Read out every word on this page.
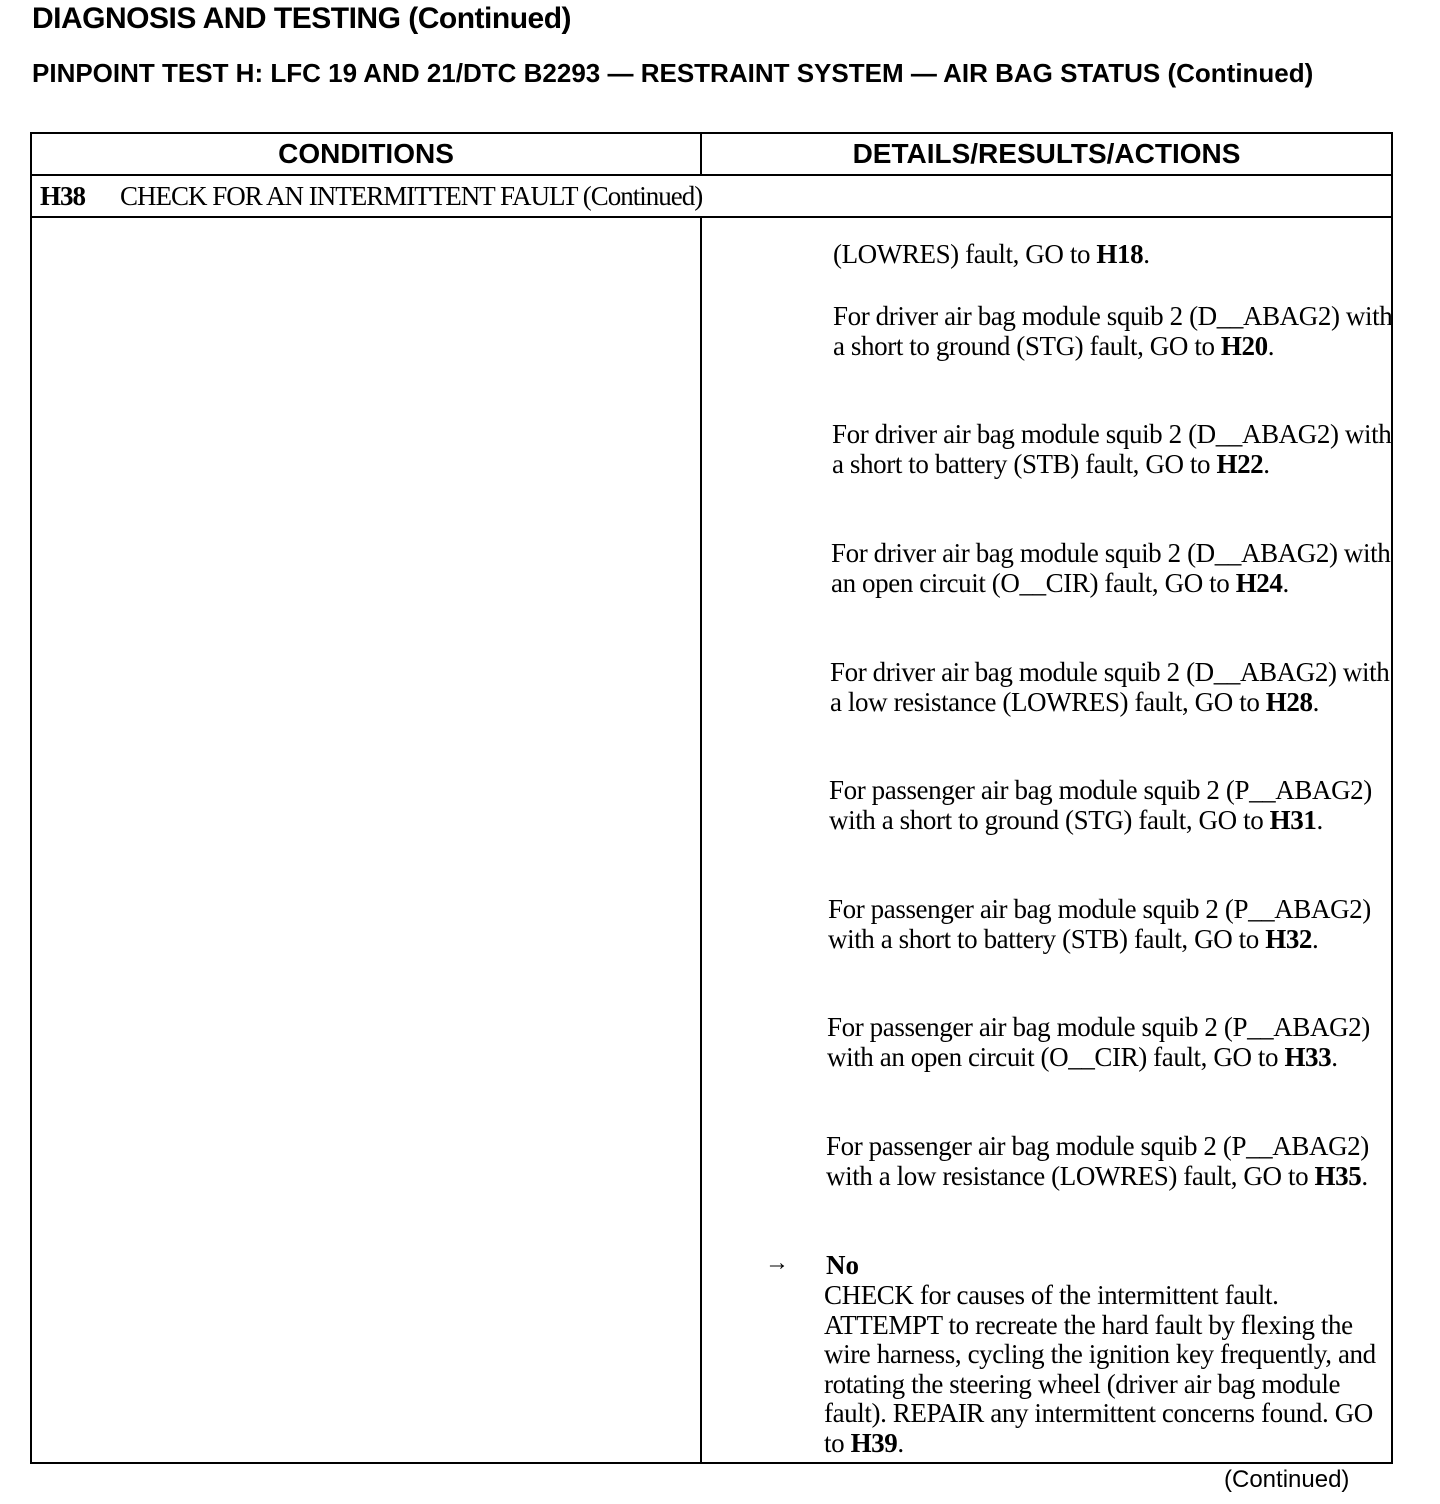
DIAGNOSIS AND TESTING (Continued)
PINPOINT TEST H: LFC 19 AND 21/DTC B2293 — RESTRAINT SYSTEM — AIR BAG STATUS (Continued)
CONDITIONS	DETAILS/RESULTS/ACTIONS
H38	CHECK FOR AN INTERMITTENT FAULT (Continued)
(LOWRES) fault, GO to H18.
For driver air bag module squib 2 (D__ABAG2) with a short to ground (STG) fault, GO to H20.
For driver air bag module squib 2 (D__ABAG2) with a short to battery (STB) fault, GO to H22.
For driver air bag module squib 2 (D__ABAG2) with an open circuit (O__CIR) fault, GO to H24.
For driver air bag module squib 2 (D__ABAG2) with a low resistance (LOWRES) fault, GO to H28.
For passenger air bag module squib 2 (P__ABAG2) with a short to ground (STG) fault, GO to H31.
For passenger air bag module squib 2 (P__ABAG2) with a short to battery (STB) fault, GO to H32.
For passenger air bag module squib 2 (P__ABAG2) with an open circuit (O__CIR) fault, GO to H33.
For passenger air bag module squib 2 (P__ABAG2) with a low resistance (LOWRES) fault, GO to H35.
→ No
CHECK for causes of the intermittent fault. ATTEMPT to recreate the hard fault by flexing the wire harness, cycling the ignition key frequently, and rotating the steering wheel (driver air bag module fault). REPAIR any intermittent concerns found. GO to H39.
(Continued)
